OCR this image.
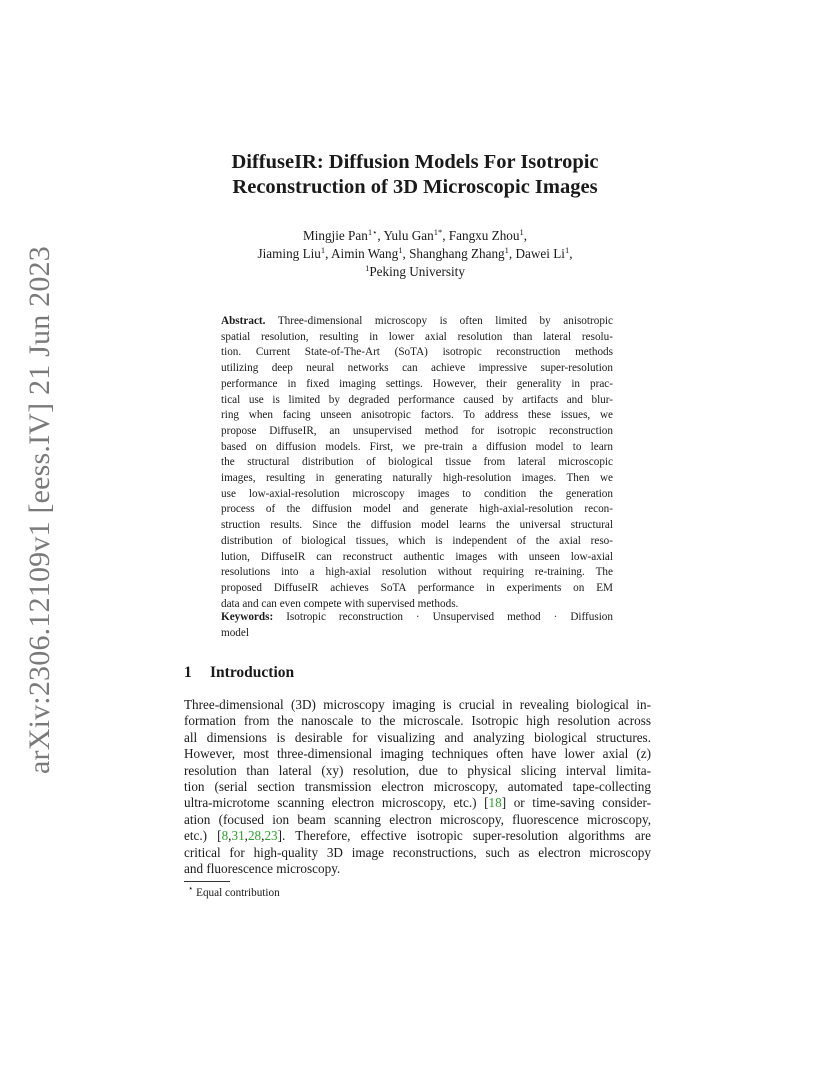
arXiv:2306.12109v1 [eess.IV] 21 Jun 2023
DiffuseIR: Diffusion Models For Isotropic
Reconstruction of 3D Microscopic Images
Mingjie Pan$^{1⋆}$, Yulu Gan$^{1*}$, Fangxu Zhou$^1$,
Jiaming Liu$^1$, Aimin Wang$^1$, Shanghang Zhang$^1$, Dawei Li$^1$,
$^1$Peking University
Abstract. Three-dimensional microscopy is often limited by anisotropic
spatial resolution, resulting in lower axial resolution than lateral resolu-
tion. Current State-of-The-Art (SoTA) isotropic reconstruction methods
utilizing deep neural networks can achieve impressive super-resolution
performance in fixed imaging settings. However, their generality in prac-
tical use is limited by degraded performance caused by artifacts and blur-
ring when facing unseen anisotropic factors. To address these issues, we
propose DiffuseIR, an unsupervised method for isotropic reconstruction
based on diffusion models. First, we pre-train a diffusion model to learn
the structural distribution of biological tissue from lateral microscopic
images, resulting in generating naturally high-resolution images. Then we
use low-axial-resolution microscopy images to condition the generation
process of the diffusion model and generate high-axial-resolution recon-
struction results. Since the diffusion model learns the universal structural
distribution of biological tissues, which is independent of the axial reso-
lution, DiffuseIR can reconstruct authentic images with unseen low-axial
resolutions into a high-axial resolution without requiring re-training. The
proposed DiffuseIR achieves SoTA performance in experiments on EM
data and can even compete with supervised methods.
Keywords: Isotropic reconstruction · Unsupervised method · Diffusion
model
1 Introduction
Three-dimensional (3D) microscopy imaging is crucial in revealing biological in-
formation from the nanoscale to the microscale. Isotropic high resolution across
all dimensions is desirable for visualizing and analyzing biological structures.
However, most three-dimensional imaging techniques often have lower axial (z)
resolution than lateral (xy) resolution, due to physical slicing interval limita-
tion (serial section transmission electron microscopy, automated tape-collecting
ultra-microtome scanning electron microscopy, etc.) [18] or time-saving consider-
ation (focused ion beam scanning electron microscopy, fluorescence microscopy,
etc.) [8,31,28,23]. Therefore, effective isotropic super-resolution algorithms are
critical for high-quality 3D image reconstructions, such as electron microscopy
and fluorescence microscopy.
⋆ Equal contribution
